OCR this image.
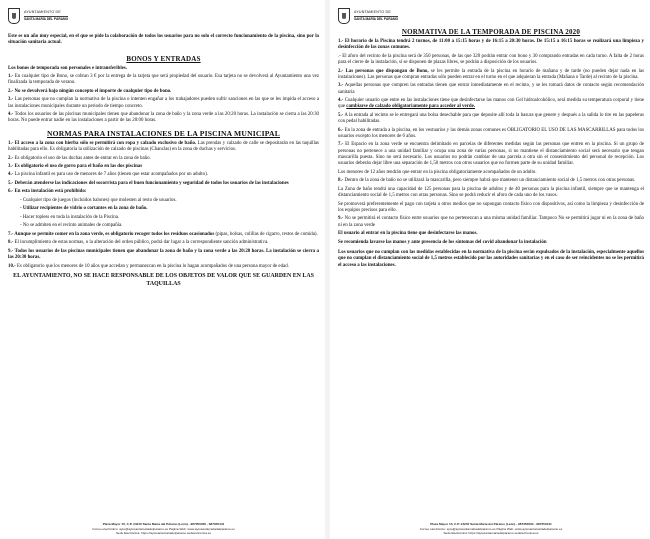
AYUNTAMIENTO DE
SANTA MARÍA DEL PÁRAMO

Este es un año muy especial, en el que se pide la colaboración de todos los usuarios para no solo el correcto funcionamiento de la piscina, sino por la situación sanitaria actual.

BONOS Y ENTRADAS

Los bonos de temporada son personales e intransferibles.

1.- En cualquier tipo de Bono, se cobran 3 € por la entrega de la tarjeta que será propiedad del usuario. Esa tarjeta no se devolverá al Ayuntamiento una vez finalizada la temporada de verano.

2.- No se devolverá bajo ningún concepto el importe de cualquier tipo de bono.

3.- Las personas que no cumplan la normativa de la piscina o intenten engañar a los trabajadores pueden sufrir sanciones en las que se les impida el acceso a las instalaciones municipales durante un periodo de tiempo concreto.

4.- Todos los usuarios de las piscinas municipales tienen que abandonar la zona de baño y la zona verde a las 20:20 horas. La instalación se cierra a las 20:30 horas. No puede entrar nadie en las instalaciones a partir de las 20:00 horas.

NORMAS PARA INSTALACIONES DE LA PISCINA MUNICIPAL

1.- El acceso a la zona con hierba sólo se permitirá con ropa y calzado exclusivo de baño. Las prendas y calzado de calle se depositarán en las taquillas habilitadas para ello. Es obligatoria la utilización de calzado de piscinas (Chanclas) en la zona de duchas y servicios.

2.- Es obligatorio el uso de las duchas antes de entrar en la zona de baño.

3.- Es obligatorio el uso de gorro para el baño en las dos piscinas

4.- La piscina infantil es para uso de menores de 7 años (tienen que estar acompañados por un adulto).

5.- Deberán atenderse las indicaciones del socorrista para el buen funcionamiento y seguridad de todos los usuarios de las instalaciones

6.- En esta instalación está prohibido:

- Cualquier tipo de juegos (incluidos balones) que molesten al resto de usuarios.

- Utilizar recipientes de vidrio o cortantes en la zona de baño.

- Hacer topless en toda la instalación de la Piscina.

- No se admiten en el recinto animales de compañía.

7.- Aunque se permite comer en la zona verde, es obligatorio recoger todos los residuos ocasionados (pipas, bolsas, colillas de cigarro, restos de comida).

8.- El incumplimiento de estas normas, o la alteración del orden público, podrá dar lugar a la correspondiente sanción administrativa.

9.- Todos los usuarios de las piscinas municipales tienen que abandonar la zona de baño y la zona verde a las 20:20 horas. La instalación se cierra a las 20:30 horas.

10.- Es obligatorio que los menores de 10 años que accedan y permanezcan en la piscina lo hagan acompañados de una persona mayor de edad.

EL AYUNTAMIENTO, NO SE HACE RESPONSABLE DE LOS OBJETOS DE VALOR QUE SE GUARDEN EN LAS TAQUILLAS

Plaza Mayor 15, C.P. 24240 Santa María del Páramo (León) - 987350000 - 987350441
Correo electrónico: ayto@aytosantamariadelparamo.es Página Web: www.aytosantamariadelparamo.es
Sede Electrónica: https://aytosantamariadelparamo.sedelectronica.es
AYUNTAMIENTO DE
SANTA MARÍA DEL PÁRAMO
NORMATIVA DE LA TEMPORADA DE PISCINA 2020

1.- El horario de la Piscina tendrá 2 turnos, de 11:00 a 15:15 horas y de 16:15 a 20:30 horas. De 15:15 a 16:15 horas se realizará una limpieza y desinfección de las zonas comunes.

.- El aforo del recinto de la piscina será de 350 personas, de las que 320 podrán entrar con bono y 30 comprando entradas en cada turno. A falta de 2 horas para el cierre de la instalación, si se disponen de plazas libres, se podrán a disposición de los usuarios.

2.- Las personas que dispongan de Bono, se les permite la entrada de la piscina en horario de mañana y de tarde (no pueden dejar nada en las instalaciones). Las personas que compran entradas sólo pueden entrar en el turno en el que adquieran la entrada (Mañana o Tarde) al recinto de la piscina.

3.- Aquellas personas que compren las entradas tienen que entrar inmediatamente en el recinto, y se les tomará datos de contacto según recomendación sanitaria

4.- Cualquier usuario que entre en las instalaciones tiene que desinfectarse las manos con Gel hidroalcohólico, será medida su temperatura corporal y tiene que cambiarse de calzado obligatoriamente para acceder al verde.

5.- A la entrada al recinto se le entregará una bolsa desechable para que deposite allí toda la basura que genere y después a la salida lo tire en las papeleras con pedal habilitadas.

6.- En la zona de entrada a la piscina, en los vestuarios y las demás zonas comunes es OBLIGATORIO EL USO DE LAS MASCARRILLAS para todos los usuarios excepto los menores de 6 años.

7.- El Espacio en la zona verde se encuentra delimitado en parcelas de diferentes medidas según las personas que entren en la piscina. Si un grupo de personas no pertenece a una unidad familiar y ocupa una zona de varias personas, si no mantiene el distanciamiento social será necesario que tengan mascarilla puesta. Sino no será necesario. Los usuarios no podrán cambiar de una parcela a otra sin el consentimiento del personal de recepción. Los usuarios deberán dejar libre una separación de 1,50 metros con otros usuarios que no formen parte de su unidad familiar.

Los menores de 12 años tendrán que entrar en la piscina obligatoriamente acompañados de un adulto.

8.- Dentro de la zona de baño no se utilizará la mascarilla, pero siempre habrá que mantener un distanciamiento social de 1,5 metros con otras personas.

La Zona de baño tendrá una capacidad de 125 personas para la piscina de adultos y de 40 personas para la piscina infantil, siempre que se mantenga el distanciamiento social de 1,5 metros con otras personas. Sino se podrá reducir el aforo de cada uno de los vasos.

Se promoverá preferentemente el pago con tarjeta u otros medios que no supongan contacto físico con dispositivos, así como la limpieza y desinfección de los equipos precisos para ello.

9.- No se permitirá el contacto físico entre usuarios que no pertenezcan a una misma unidad familiar. Tampoco No se permitirá jugar ni en la zona de baño ni en la zona verde

El usuario al entrar en la piscina tiene que desinfectarse las manos.

Se recomienda lavarse las manos y ante presencia de los síntomas del covid abandonar la instalación

Los usuarios que no cumplan con las medidas establecidas en la normativa de la piscina serán expulsados de la instalación, especialmente aquellos que no cumplan el distanciamiento social de 1,5 metros establecido por las autoridades sanitarias y en el caso de ser reincidentes no se les permitirá el acceso a las instalaciones.

Plaza Mayor 15, C.P. 24240 Santa María del Páramo (León) - 987350000 - 987350441
Correo electrónico: ayto@aytosantamariadelparamo.es Página Web: www.aytosantamariadelparamo.es
Sede Electrónica: https://aytosantamariadelparamo.sedelectronica.es
